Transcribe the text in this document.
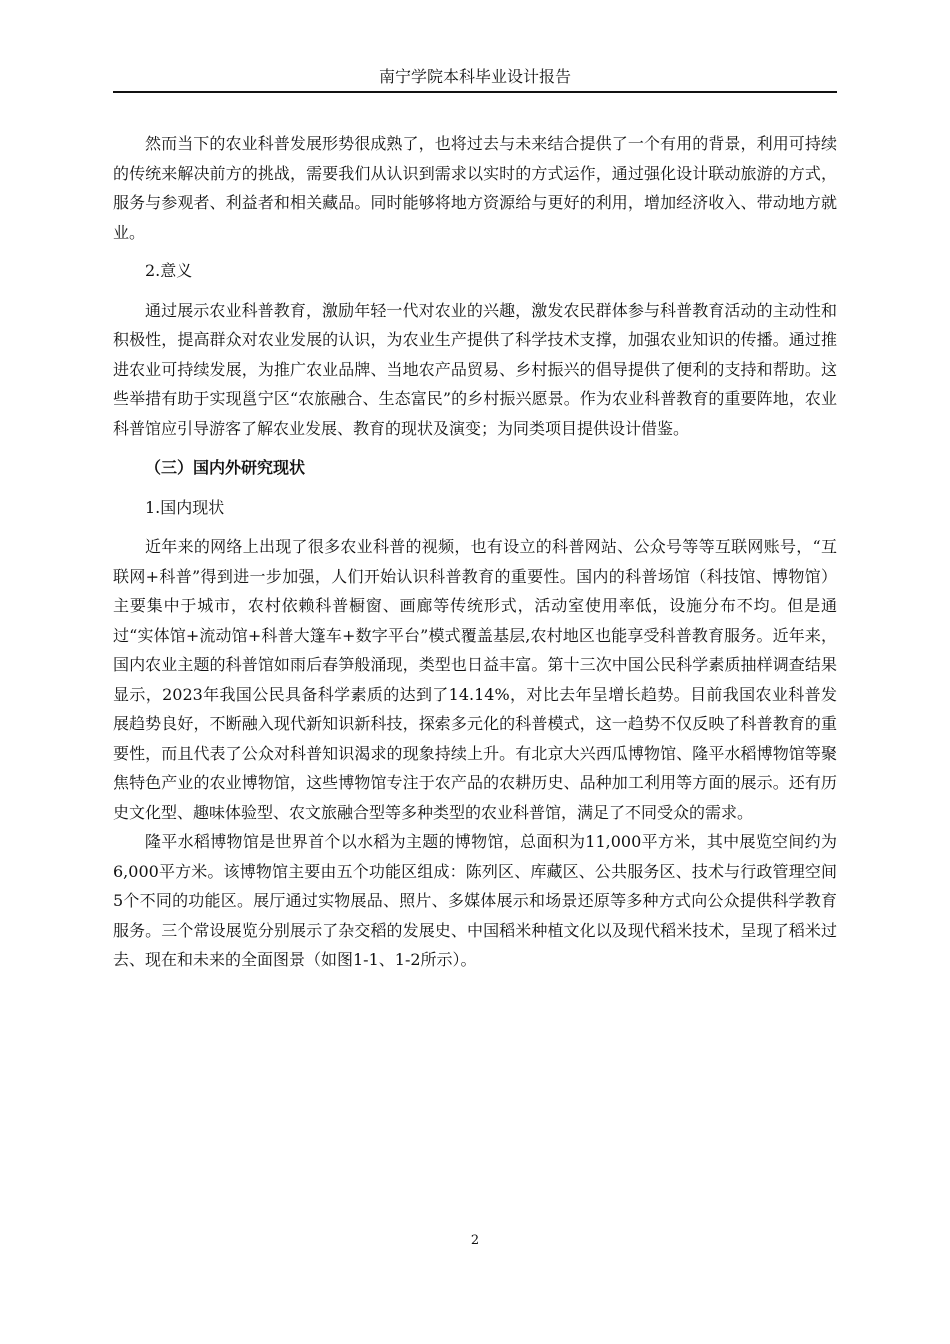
南宁学院本科毕业设计报告

然而当下的农业科普发展形势很成熟了，也将过去与未来结合提供了一个有用的背景，利用可持续的传统来解决前方的挑战，需要我们从认识到需求以实时的方式运作，通过强化设计联动旅游的方式，服务与参观者、利益者和相关藏品。同时能够将地方资源给与更好的利用，增加经济收入、带动地方就业。

2.意义

通过展示农业科普教育，激励年轻一代对农业的兴趣，激发农民群体参与科普教育活动的主动性和积极性，提高群众对农业发展的认识，为农业生产提供了科学技术支撑，加强农业知识的传播。通过推进农业可持续发展，为推广农业品牌、当地农产品贸易、乡村振兴的倡导提供了便利的支持和帮助。这些举措有助于实现邕宁区“农旅融合、生态富民”的乡村振兴愿景。作为农业科普教育的重要阵地，农业科普馆应引导游客了解农业发展、教育的现状及演变；为同类项目提供设计借鉴。

（三）国内外研究现状

1.国内现状

近年来的网络上出现了很多农业科普的视频，也有设立的科普网站、公众号等等互联网账号，“互联网+科普”得到进一步加强，人们开始认识科普教育的重要性。国内的科普场馆（科技馆、博物馆）主要集中于城市，农村依赖科普橱窗、画廊等传统形式，活动室使用率低，设施分布不均。但是通过“实体馆+流动馆+科普大篷车+数字平台”模式覆盖基层,农村地区也能享受科普教育服务。近年来，国内农业主题的科普馆如雨后春笋般涌现，类型也日益丰富。第十三次中国公民科学素质抽样调查结果显示，2023年我国公民具备科学素质的达到了14.14%，对比去年呈增长趋势。目前我国农业科普发展趋势良好，不断融入现代新知识新科技，探索多元化的科普模式，这一趋势不仅反映了科普教育的重要性，而且代表了公众对科普知识渴求的现象持续上升。有北京大兴西瓜博物馆、隆平水稻博物馆等聚焦特色产业的农业博物馆，这些博物馆专注于农产品的农耕历史、品种加工利用等方面的展示。还有历史文化型、趣味体验型、农文旅融合型等多种类型的农业科普馆，满足了不同受众的需求。

隆平水稻博物馆是世界首个以水稻为主题的博物馆，总面积为11,000平方米，其中展览空间约为6,000平方米。该博物馆主要由五个功能区组成：陈列区、库藏区、公共服务区、技术与行政管理空间5个不同的功能区。展厅通过实物展品、照片、多媒体展示和场景还原等多种方式向公众提供科学教育服务。三个常设展览分别展示了杂交稻的发展史、中国稻米种植文化以及现代稻米技术，呈现了稻米过去、现在和未来的全面图景（如图1-1、1-2所示）。

2
